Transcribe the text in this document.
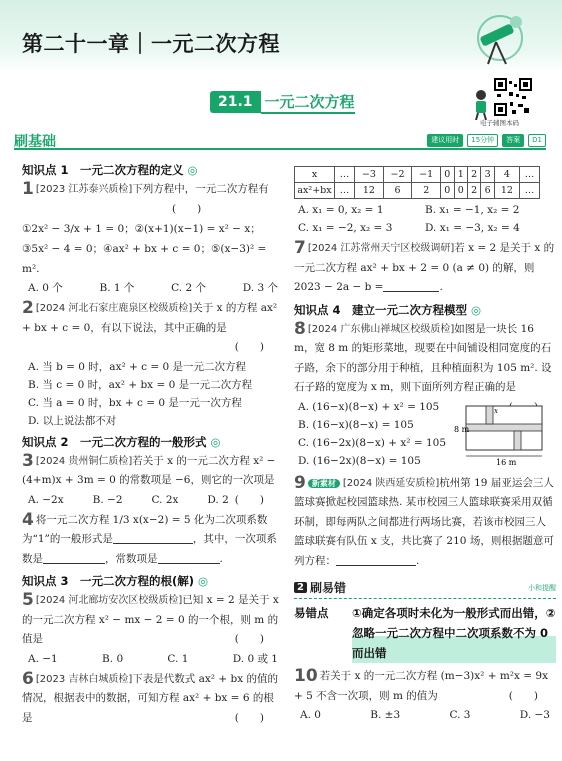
第二十一章｜一元二次方程
21.1 一元二次方程
电子辅图本码
刷基础	建议用时	15分钟	答案	D1
知识点 1　一元二次方程的定义 ◎
1 [2023 江苏泰兴质检]下列方程中，一元二次方程有 (　　)
①2x² − 3/x + 1 = 0；②(x+1)(x−1) = x² − x；③5x² − 4 = 0；④ax² + bx + c = 0；⑤(x−3)² = m².
A. 0 个	B. 1 个	C. 2 个	D. 3 个
2 [2024 河北石家庄鹿泉区校级质检]关于 x 的方程 ax² + bx + c = 0，有以下说法，其中正确的是
(　　)
A. 当 b = 0 时，ax² + c = 0 是一元二次方程
B. 当 c = 0 时，ax² + bx = 0 是一元二次方程
C. 当 a = 0 时，bx + c = 0 是一元一次方程
D. 以上说法都不对
知识点 2　一元二次方程的一般形式 ◎
3 [2024 贵州铜仁质检]若关于 x 的一元二次方程 x² − (4+m)x + 3m = 0 的常数项是 −6，则它的一次项是
(　　)
A. −2x	B. −2	C. 2x	D. 2
4 将一元二次方程 1/3 x(x−2) = 5 化为二次项系数为“1”的一般形式是	，其中，一次项系数是	，常数项是	.
知识点 3　一元二次方程的根(解) ◎
5 [2024 河北廊坊安次区校级质检]已知 x = 2 是关于 x 的一元二次方程 x² − mx − 2 = 0 的一个根，则 m 的值是	(　　)
A. −1	B. 0	C. 1	D. 0 或 1
6 [2023 吉林白城质检]下表是代数式 ax² + bx 的值的情况，根据表中的数据，可知方程 ax² + bx = 6 的根是	(　　)
x	…	−3	−2	−1	0	1	2	3	4	…
ax²+bx	…	12	6	2	0	0	2	6	12	…
A. x₁ = 0, x₂ = 1	B. x₁ = −1, x₂ = 2
C. x₁ = −2, x₂ = 3	D. x₁ = −3, x₂ = 4
7 [2024 江苏常州天宁区校级调研]若 x = 2 是关于 x 的一元二次方程 ax² + bx + 2 = 0 (a ≠ 0) 的解，则 2023 − 2a − b =	.
知识点 4　建立一元二次方程模型 ◎
8 [2024 广东佛山禅城区校级质检]如图是一块长 16 m，宽 8 m 的矩形菜地，现要在中间铺设相同宽度的石子路，余下的部分用于种植，且种植面积为 105 m². 设石子路的宽度为 x m，则下面所列方程正确的是
A. (16−x)(8−x) + x² = 105
B. (16−x)(8−x) = 105
C. (16−2x)(8−x) + x² = 105
D. (16−2x)(8−x) = 105
8 m
16 m
x
9 新素材 [2024 陕西延安质检]杭州第 19 届亚运会三人篮球赛掀起校园篮球热. 某市校园三人篮球联赛采用双循环制，即每两队之间都进行两场比赛，若该市校园三人篮球联赛有队伍 x 支，共比赛了 210 场，则根据题意可列方程：	.
2 刷易错	小和提醒
易错点	①确定各项时未化为一般形式而出错，②忽略一元二次方程中二次项系数不为 0 而出错
10 若关于 x 的一元二次方程 (m−3)x² + m²x = 9x + 5 不含一次项，则 m 的值为	(　　)
A. 0	B. ±3	C. 3	D. −3
